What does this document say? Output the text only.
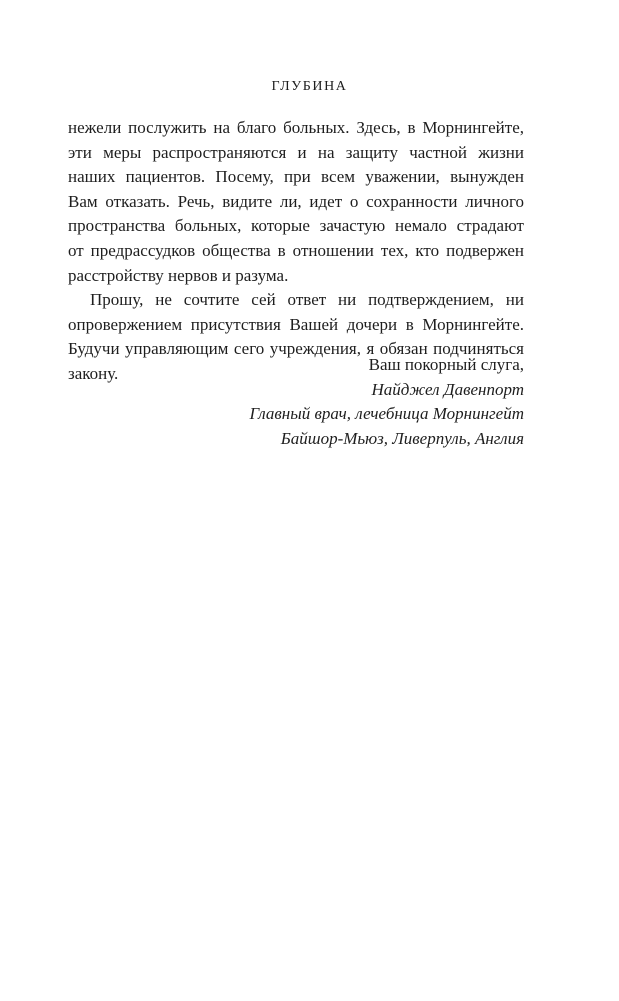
ГЛУБИНА
нежели послужить на благо больных. Здесь, в Морнингейте,
эти меры распространяются и на защиту частной жизни
наших пациентов. Посему, при всем уважении, вынужден
Вам отказать. Речь, видите ли, идет о сохранности личного
пространства больных, которые зачастую немало страдают
от предрассудков общества в отношении тех, кто подвержен
расстройству нервов и разума.
Прошу, не сочтите сей ответ ни подтверждением, ни
опровержением присутствия Вашей дочери в Морнингейте.
Будучи управляющим сего учреждения, я обязан подчиняться
закону.	Ваш покорный слуга,
Найджел Давенпорт
Главный врач, лечебница Морнингейт
Байшор-Мьюз, Ливерпуль, Англия
